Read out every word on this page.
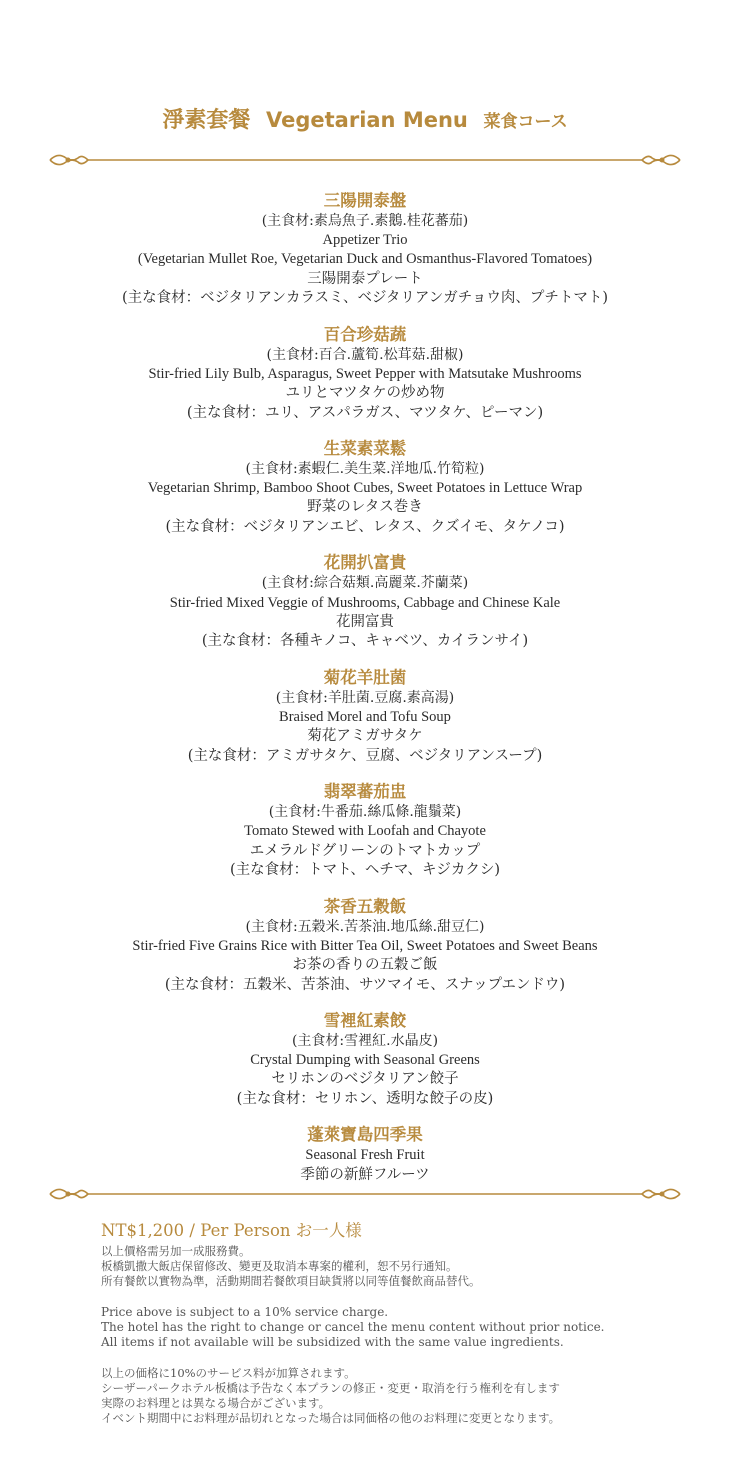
淨素套餐 Vegetarian Menu 菜食コース
三陽開泰盤
(主食材:素烏魚子.素鵝.桂花蕃茄)
Appetizer Trio
(Vegetarian Mullet Roe, Vegetarian Duck and Osmanthus-Flavored Tomatoes)
三陽開泰プレート
(主な食材：ベジタリアンカラスミ、ベジタリアンガチョウ肉、プチトマト)
百合珍菇蔬
(主食材:百合.蘆筍.松茸菇.甜椒)
Stir-fried Lily Bulb, Asparagus, Sweet Pepper with Matsutake Mushrooms
ユリとマツタケの炒め物
(主な食材：ユリ、アスパラガス、マツタケ、ピーマン)
生菜素菜鬆
(主食材:素蝦仁.美生菜.洋地瓜.竹筍粒)
Vegetarian Shrimp, Bamboo Shoot Cubes, Sweet Potatoes in Lettuce Wrap
野菜のレタス巻き
(主な食材：ベジタリアンエビ、レタス、クズイモ、タケノコ)
花開扒富貴
(主食材:綜合菇類.高麗菜.芥蘭菜)
Stir-fried Mixed Veggie of Mushrooms, Cabbage and Chinese Kale
花開富貴
(主な食材：各種キノコ、キャベツ、カイランサイ)
菊花羊肚菌
(主食材:羊肚菌.豆腐.素高湯)
Braised Morel and Tofu Soup
菊花アミガサタケ
(主な食材：アミガサタケ、豆腐、ベジタリアンスープ)
翡翠蕃茄盅
(主食材:牛番茄.絲瓜條.龍鬚菜)
Tomato Stewed with Loofah and Chayote
エメラルドグリーンのトマトカップ
(主な食材：トマト、ヘチマ、キジカクシ)
茶香五穀飯
(主食材:五穀米.苦茶油.地瓜絲.甜豆仁)
Stir-fried Five Grains Rice with Bitter Tea Oil, Sweet Potatoes and Sweet Beans
お茶の香りの五穀ご飯
(主な食材：五穀米、苦茶油、サツマイモ、スナップエンドウ)
雪裡紅素餃
(主食材:雪裡紅.水晶皮)
Crystal Dumping with Seasonal Greens
セリホンのベジタリアン餃子
(主な食材：セリホン、透明な餃子の皮)
蓬萊寶島四季果
Seasonal Fresh Fruit
季節の新鮮フルーツ
NT$1,200 / Per Person お一人様
以上價格需另加一成服務費。
板橋凱撒大飯店保留修改、變更及取消本專案的權利，恕不另行通知。
所有餐飲以實物為準，活動期間若餐飲項目缺貨將以同等值餐飲商品替代。
Price above is subject to a 10% service charge.
The hotel has the right to change or cancel the menu content without prior notice.
All items if not available will be subsidized with the same value ingredients.
以上の価格に10%のサービス料が加算されます。
シーザーパークホテル板橋は予告なく本プランの修正・変更・取消を行う権利を有します
実際のお料理とは異なる場合がございます。
イベント期間中にお料理が品切れとなった場合は同価格の他のお料理に変更となります。
